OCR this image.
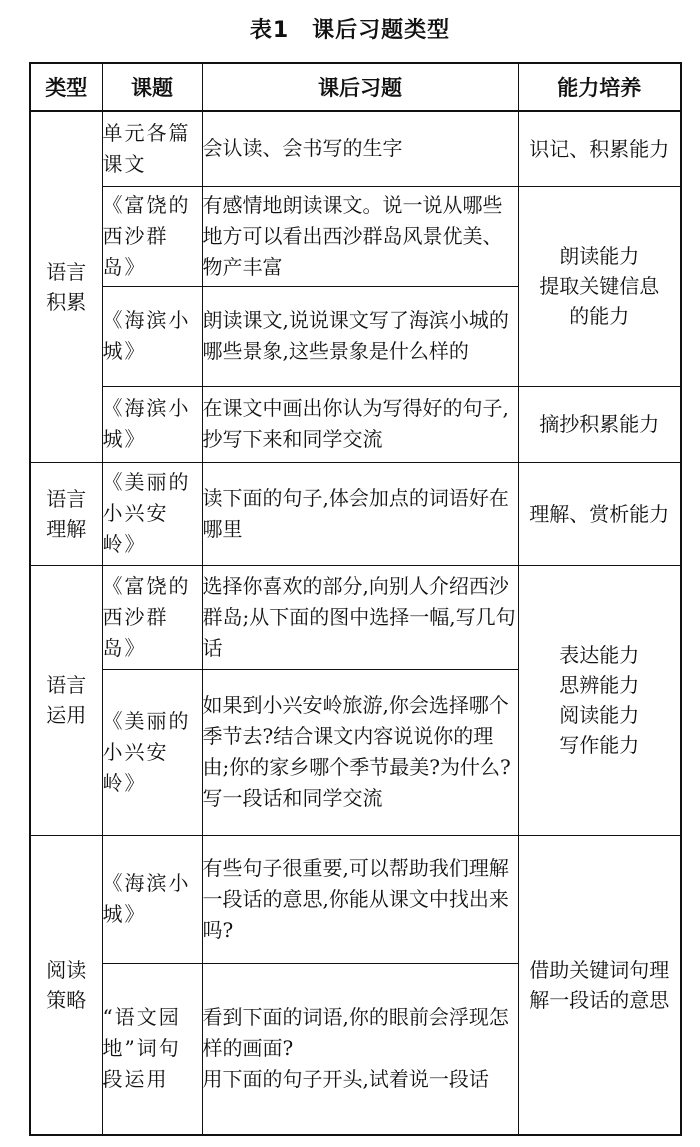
表1　课后习题类型
类型	课题	课后习题	能力培养
语言积累	单元各篇课文	会认读、会书写的生字	识记、积累能力

	《富饶的西沙群岛》	有感情地朗读课文。说一说从哪些地方可以看出西沙群岛风景优美、物产丰富	朗读能力
提取关键信息
的能力

	《海滨小城》	朗读课文,说说课文写了海滨小城的哪些景象,这些景象是什么样的	
	《海滨小城》	在课文中画出你认为写得好的句子,抄写下来和同学交流	摘抄积累能力

语言理解	《美丽的小兴安岭》	读下面的句子,体会加点的词语好在哪里	理解、赏析能力

语言运用	《富饶的西沙群岛》	选择你喜欢的部分,向别人介绍西沙群岛;从下面的图中选择一幅,写几句话	表达能力
思辨能力
阅读能力
写作能力

	《美丽的小兴安岭》	如果到小兴安岭旅游,你会选择哪个季节去?结合课文内容说说你的理由;你的家乡哪个季节最美?为什么?写一段话和同学交流	
阅读策略	《海滨小城》	有些句子很重要,可以帮助我们理解一段话的意思,你能从课文中找出来吗?	借助关键词句理
解一段话的意思

	“语文园地”词句段运用	看到下面的词语,你的眼前会浮现怎样的画面?
用下面的句子开头,试着说一段话	
